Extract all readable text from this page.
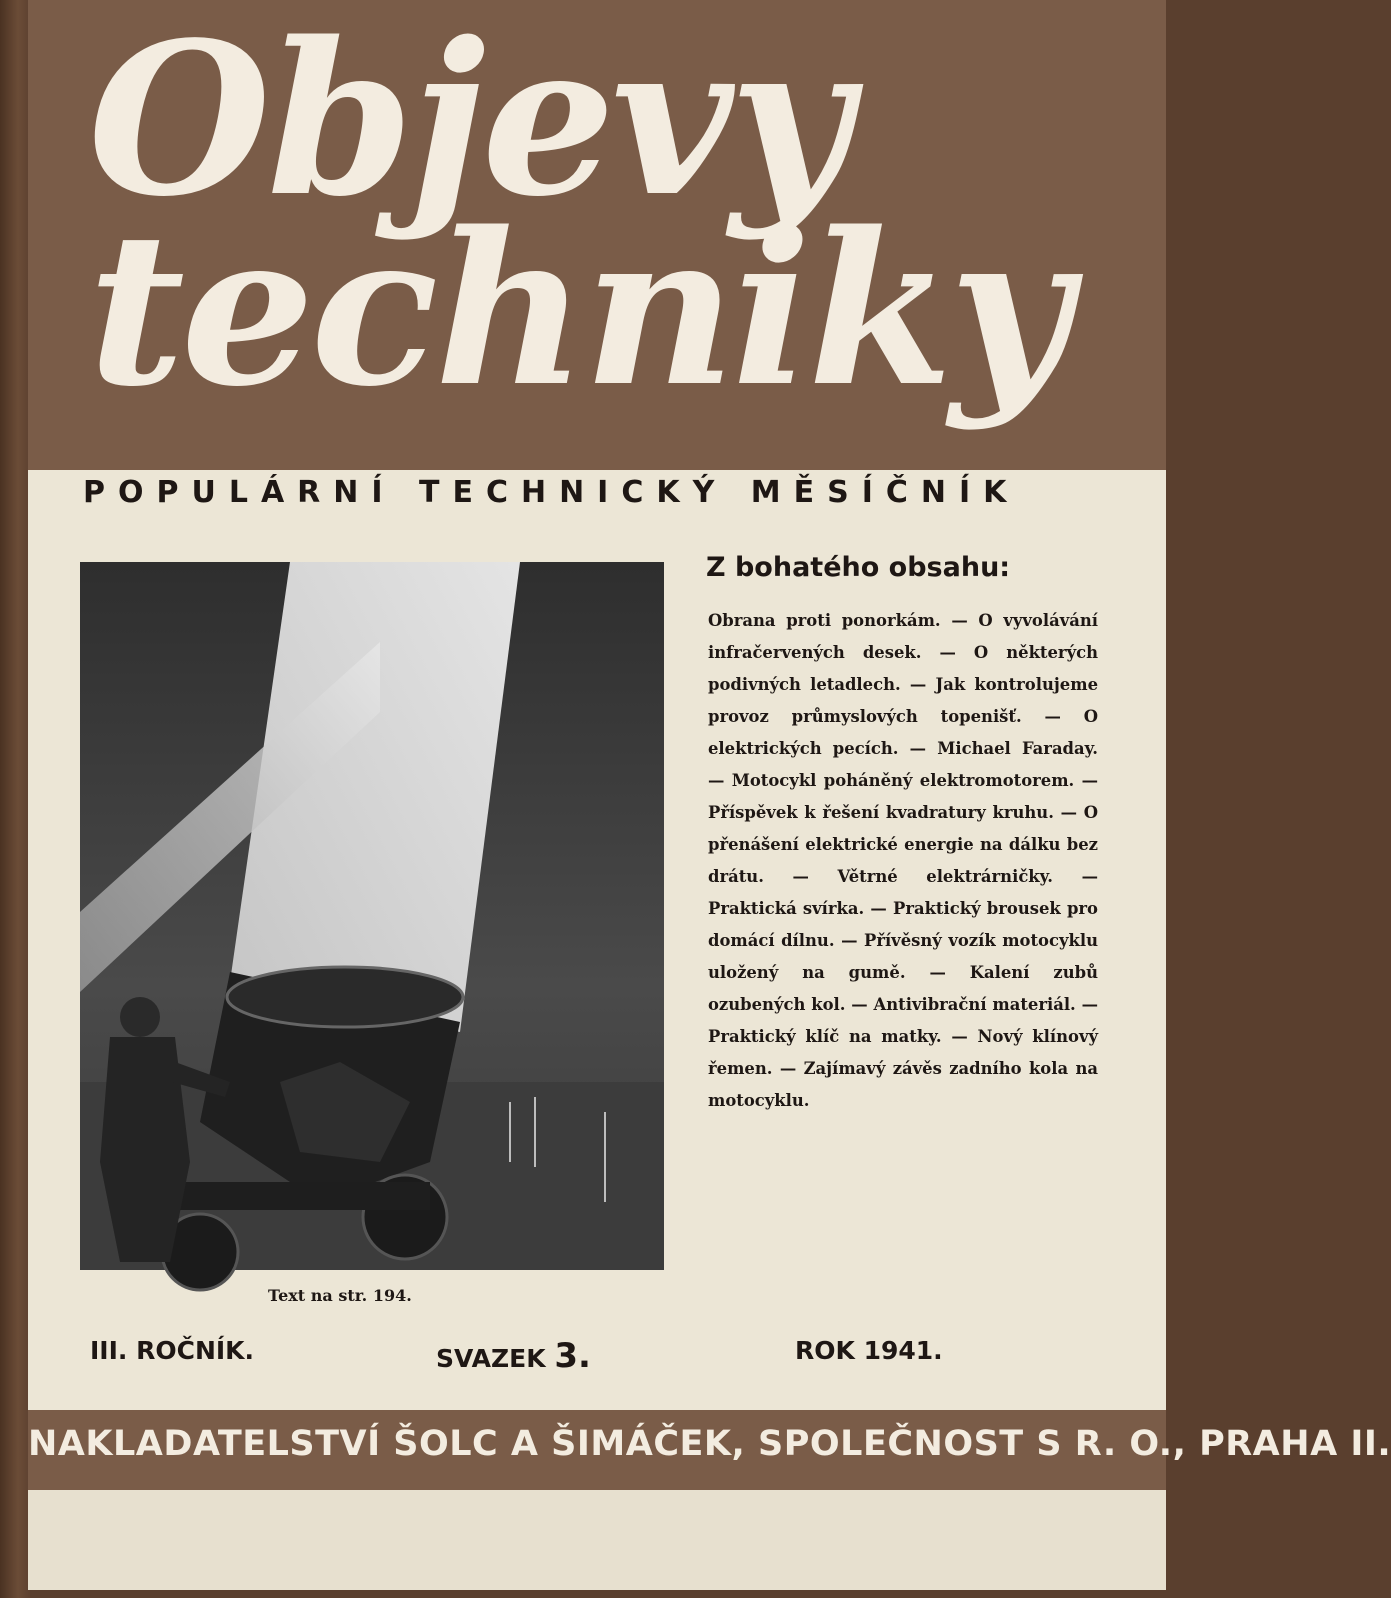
Objevy
techniky
POPULÁRNÍ TECHNICKÝ MĚSÍČNÍK
Text na str. 194.
Z bohatého obsahu:

Obrana proti ponorkám. — O vyvolávání infračervených desek. — O některých podivných letadlech. — Jak kontrolujeme provoz průmyslových topenišť. — O elektrických pecích. — Michael Faraday. — Motocykl poháněný elektromotorem. — Příspěvek k řešení kvadratury kruhu. — O přenášení elektrické energie na dálku bez drátu. — Větrné elektrárničky. — Praktická svírka. — Praktický brousek pro domácí dílnu. — Přívěsný vozík motocyklu uložený na gumě. — Kalení zubů ozubených kol. — Antivibrační materiál. — Praktický klíč na matky. — Nový klínový řemen. — Zajímavý závěs zadního kola na motocyklu.

III. ROČNÍK.	SVAZEK 3.	ROK 1941.
NAKLADATELSTVÍ ŠOLC A ŠIMÁČEK, SPOLEČNOST S R. O., PRAHA II.
